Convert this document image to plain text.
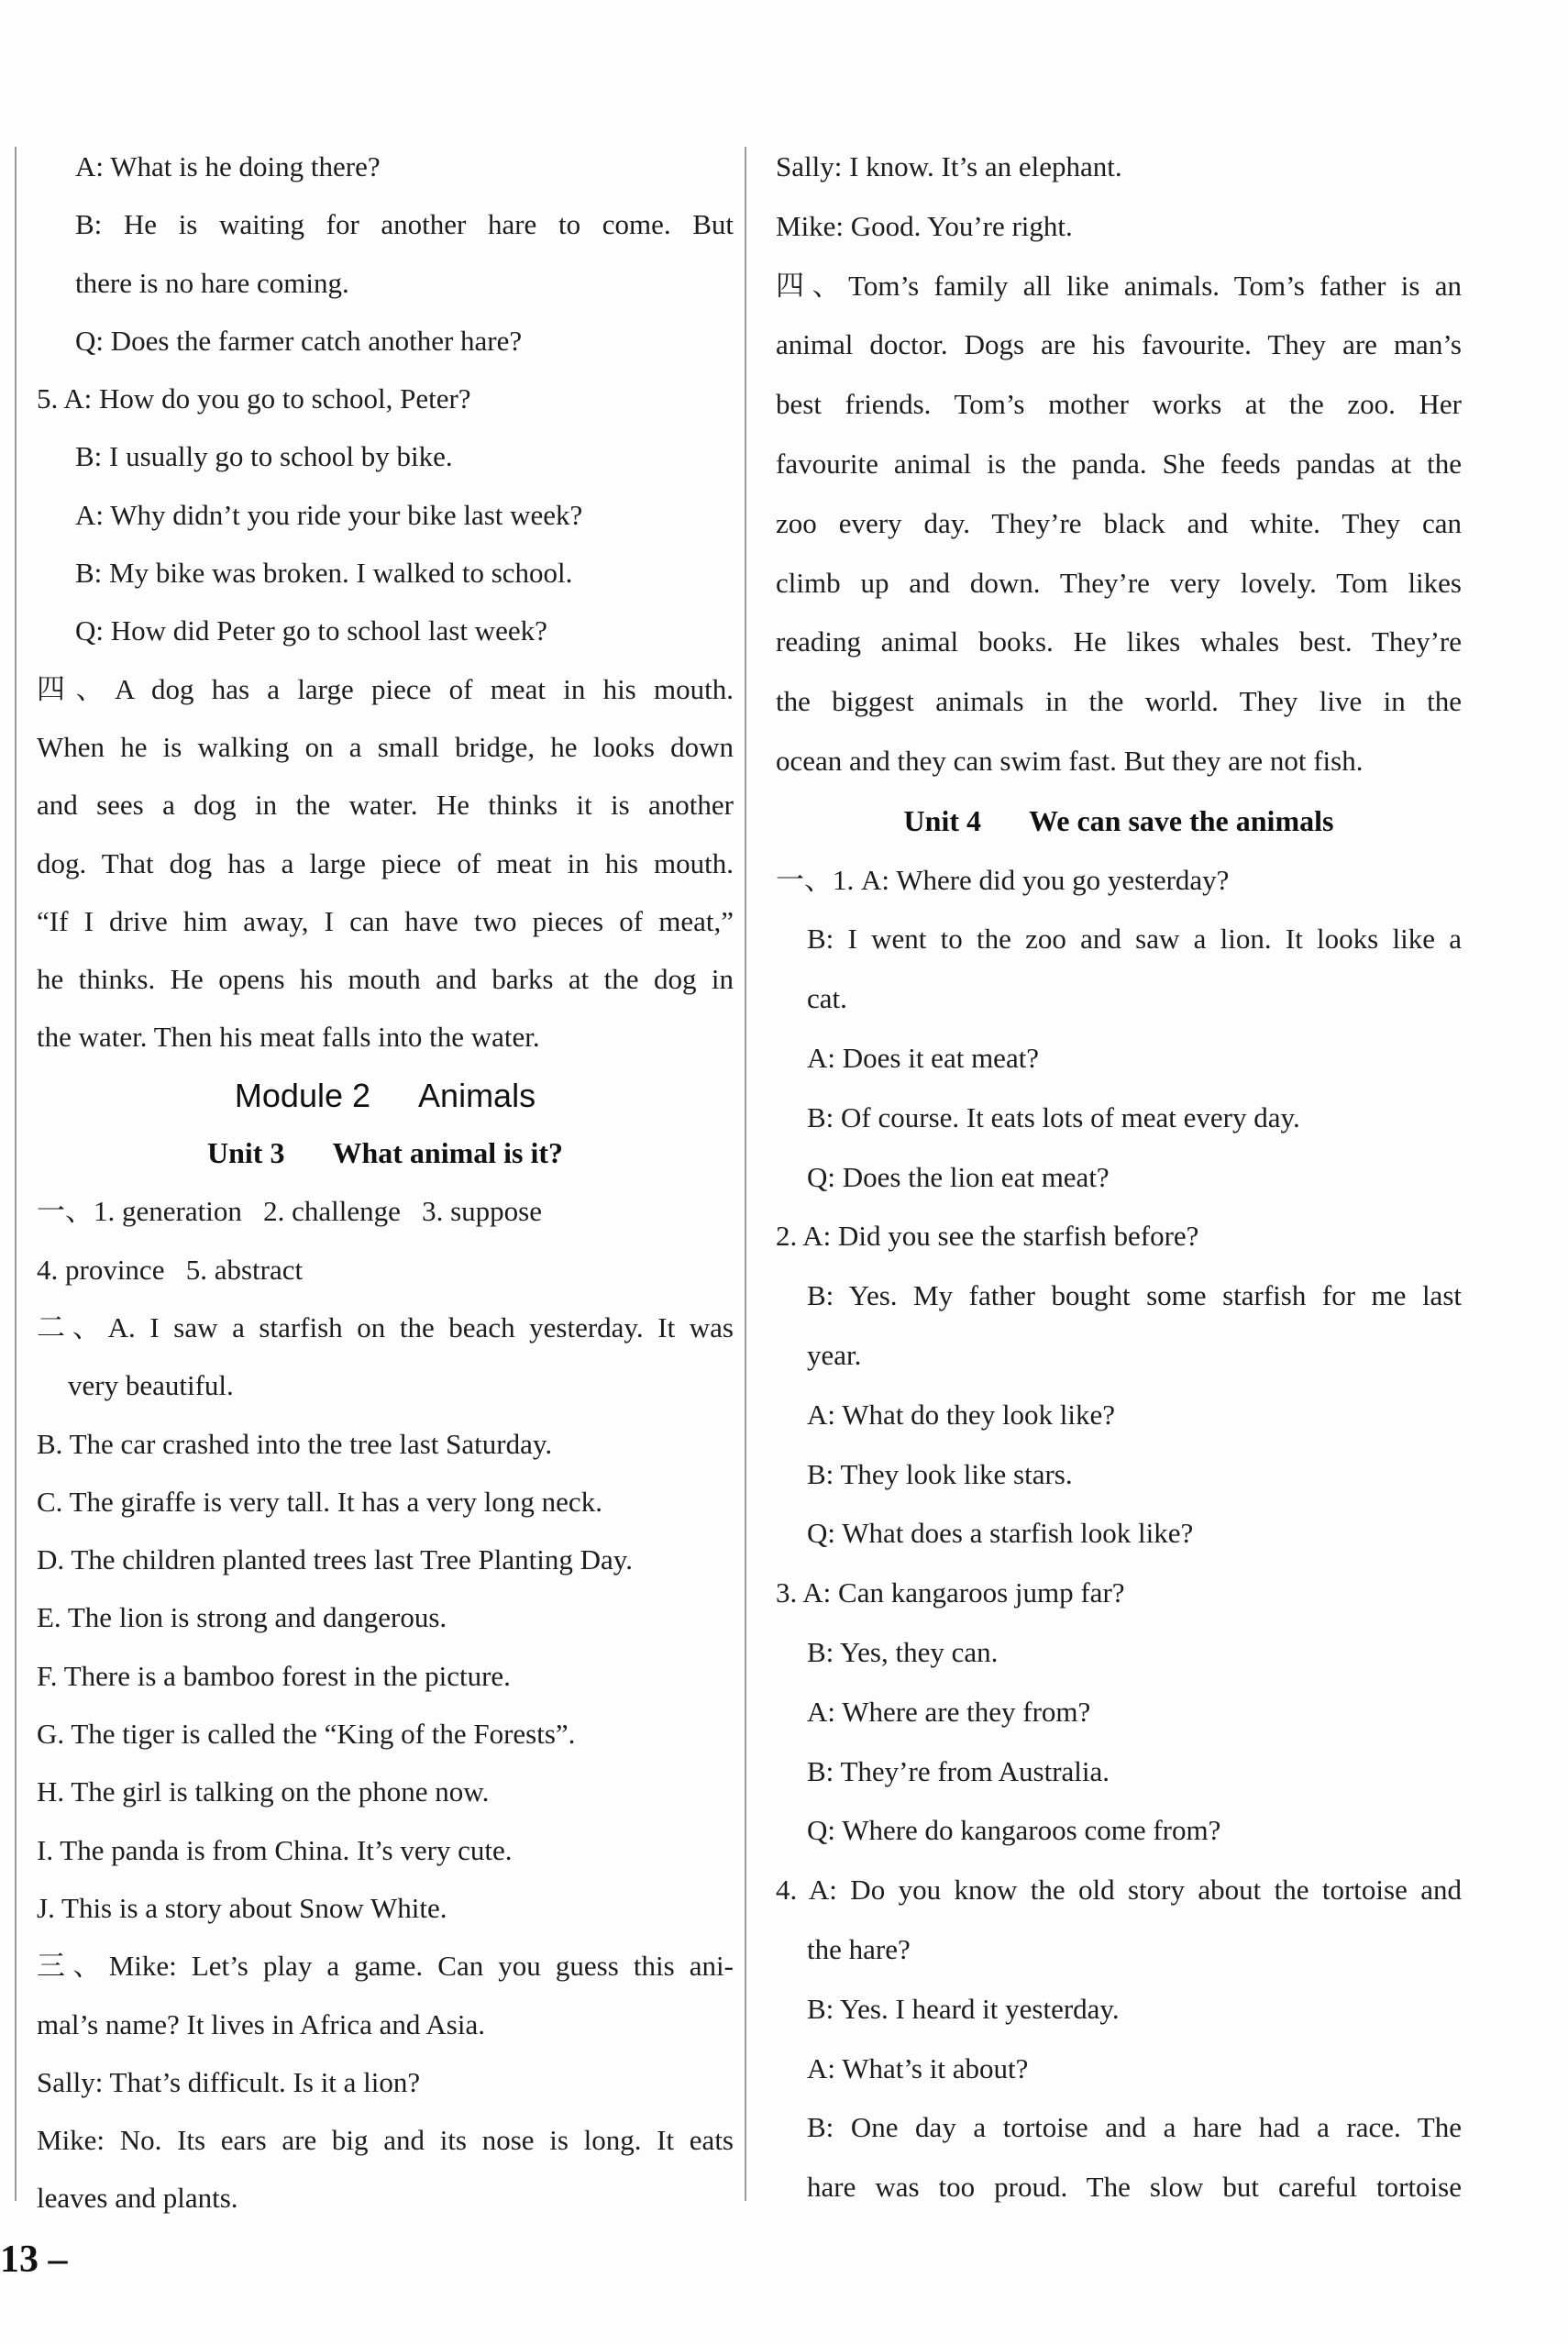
A: What is he doing there?
B: He is waiting for another hare to come. But
there is no hare coming.
Q: Does the farmer catch another hare?
5. A: How do you go to school, Peter?
B: I usually go to school by bike.
A: Why didn’t you ride your bike last week?
B: My bike was broken. I walked to school.
Q: How did Peter go to school last week?
四、A dog has a large piece of meat in his mouth.
When he is walking on a small bridge, he looks down
and sees a dog in the water. He thinks it is another
dog. That dog has a large piece of meat in his mouth.
“If I drive him away, I can have two pieces of meat,”
he thinks. He opens his mouth and barks at the dog in
the water. Then his meat falls into the water.
Module 2 Animals
Unit 3 What animal is it?
一、1. generation   2. challenge   3. suppose
4. province   5. abstract
二、A. I saw a starfish on the beach yesterday. It was
very beautiful.
B. The car crashed into the tree last Saturday.
C. The giraffe is very tall. It has a very long neck.
D. The children planted trees last Tree Planting Day.
E. The lion is strong and dangerous.
F. There is a bamboo forest in the picture.
G. The tiger is called the “King of the Forests”.
H. The girl is talking on the phone now.
I. The panda is from China. It’s very cute.
J. This is a story about Snow White.
三、Mike: Let’s play a game. Can you guess this ani-
mal’s name? It lives in Africa and Asia.
Sally: That’s difficult. Is it a lion?
Mike: No. Its ears are big and its nose is long. It eats
leaves and plants.
Sally: I know. It’s an elephant.
Mike: Good. You’re right.
四、Tom’s family all like animals. Tom’s father is an
animal doctor. Dogs are his favourite. They are man’s
best friends. Tom’s mother works at the zoo. Her
favourite animal is the panda. She feeds pandas at the
zoo every day. They’re black and white. They can
climb up and down. They’re very lovely. Tom likes
reading animal books. He likes whales best. They’re
the biggest animals in the world. They live in the
ocean and they can swim fast. But they are not fish.
Unit 4 We can save the animals
一、1. A: Where did you go yesterday?
B: I went to the zoo and saw a lion. It looks like a
cat.
A: Does it eat meat?
B: Of course. It eats lots of meat every day.
Q: Does the lion eat meat?
2. A: Did you see the starfish before?
B: Yes. My father bought some starfish for me last
year.
A: What do they look like?
B: They look like stars.
Q: What does a starfish look like?
3. A: Can kangaroos jump far?
B: Yes, they can.
A: Where are they from?
B: They’re from Australia.
Q: Where do kangaroos come from?
4. A: Do you know the old story about the tortoise and
the hare?
B: Yes. I heard it yesterday.
A: What’s it about?
B: One day a tortoise and a hare had a race. The
hare was too proud. The slow but careful tortoise
13 –
